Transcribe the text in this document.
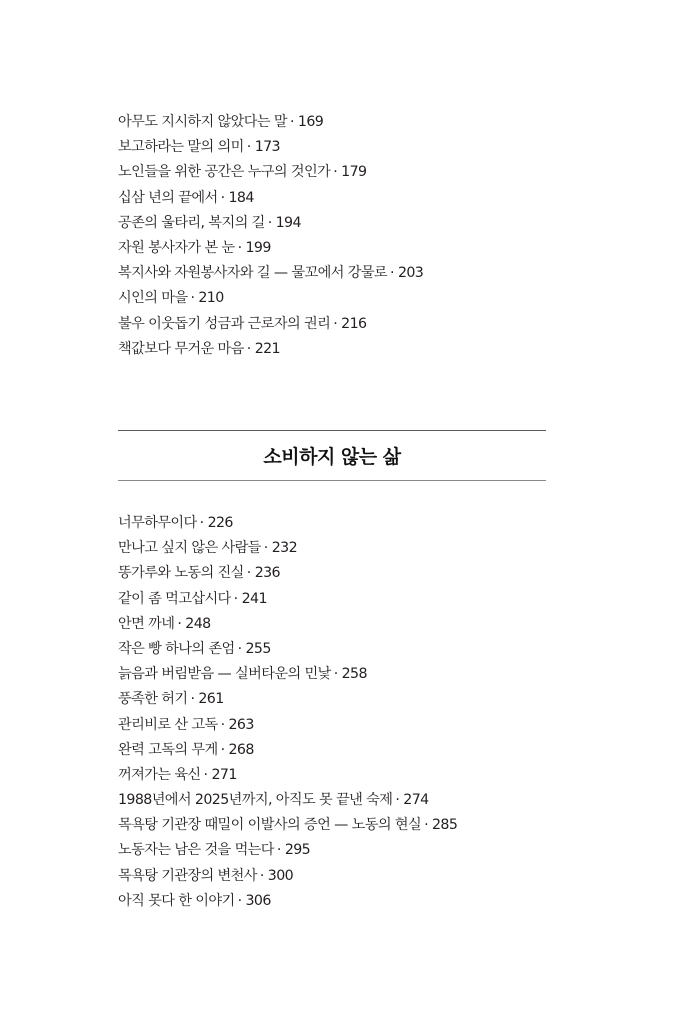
아무도 지시하지 않았다는 말 · 169
보고하라는 말의 의미 · 173
노인들을 위한 공간은 누구의 것인가 · 179
십삼 년의 끝에서 · 184
공존의 울타리, 복지의 길 · 194
자원 봉사자가 본 눈 · 199
복지사와 자원봉사자와 길 — 물꼬에서 강물로 · 203
시인의 마을 · 210
불우 이웃돕기 성금과 근로자의 권리 · 216
책값보다 무거운 마음 · 221
소비하지 않는 삶
너무하무이다 · 226
만나고 싶지 않은 사람들 · 232
똥가루와 노동의 진실 · 236
같이 좀 먹고삽시다 · 241
안면 까네 · 248
작은 빵 하나의 존엄 · 255
늙음과 버림받음 — 실버타운의 민낯 · 258
풍족한 허기 · 261
관리비로 산 고독 · 263
완력 고독의 무게 · 268
꺼져가는 육신 · 271
1988년에서 2025년까지, 아직도 못 끝낸 숙제 · 274
목욕탕 기관장 때밀이 이발사의 증언 — 노동의 현실 · 285
노동자는 남은 것을 먹는다 · 295
목욕탕 기관장의 변천사 · 300
아직 못다 한 이야기 · 306
